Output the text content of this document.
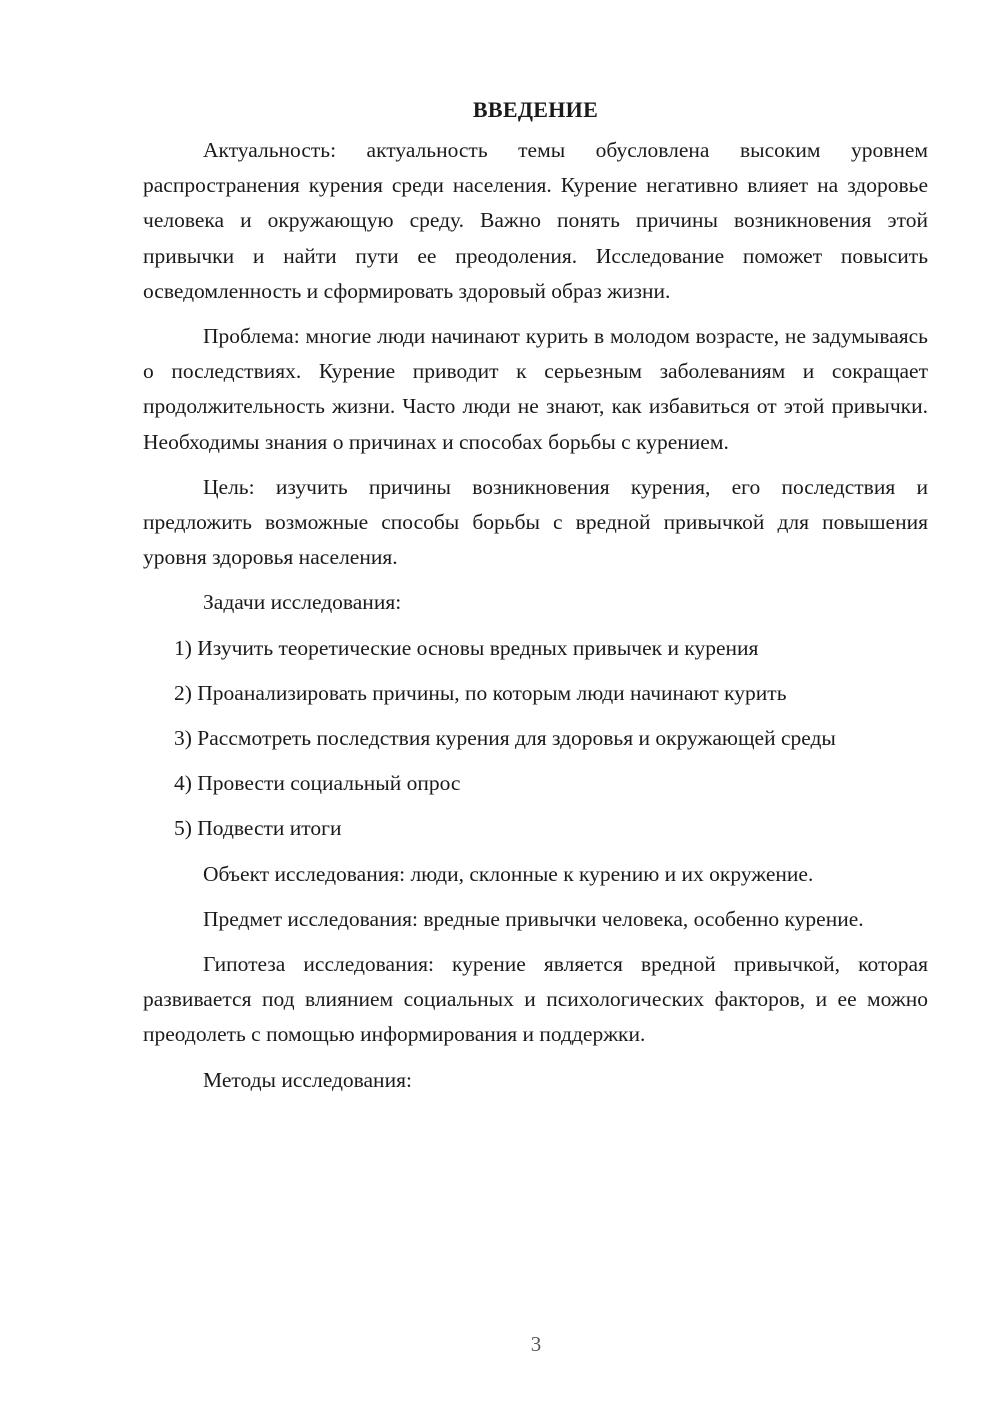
ВВЕДЕНИЕ

Актуальность: актуальность темы обусловлена высоким уровнем распространения курения среди населения. Курение негативно влияет на здоровье человека и окружающую среду. Важно понять причины возникновения этой привычки и найти пути ее преодоления. Исследование поможет повысить осведомленность и сформировать здоровый образ жизни.

Проблема: многие люди начинают курить в молодом возрасте, не задумываясь о последствиях. Курение приводит к серьезным заболеваниям и сокращает продолжительность жизни. Часто люди не знают, как избавиться от этой привычки. Необходимы знания о причинах и способах борьбы с курением.

Цель: изучить причины возникновения курения, его последствия и предложить возможные способы борьбы с вредной привычкой для повышения уровня здоровья населения.

Задачи исследования:

1) Изучить теоретические основы вредных привычек и курения

2) Проанализировать причины, по которым люди начинают курить

3) Рассмотреть последствия курения для здоровья и окружающей среды

4) Провести социальный опрос

5) Подвести итоги

Объект исследования: люди, склонные к курению и их окружение.

Предмет исследования: вредные привычки человека, особенно курение.

Гипотеза исследования: курение является вредной привычкой, которая развивается под влиянием социальных и психологических факторов, и ее можно преодолеть с помощью информирования и поддержки.

Методы исследования:

3
